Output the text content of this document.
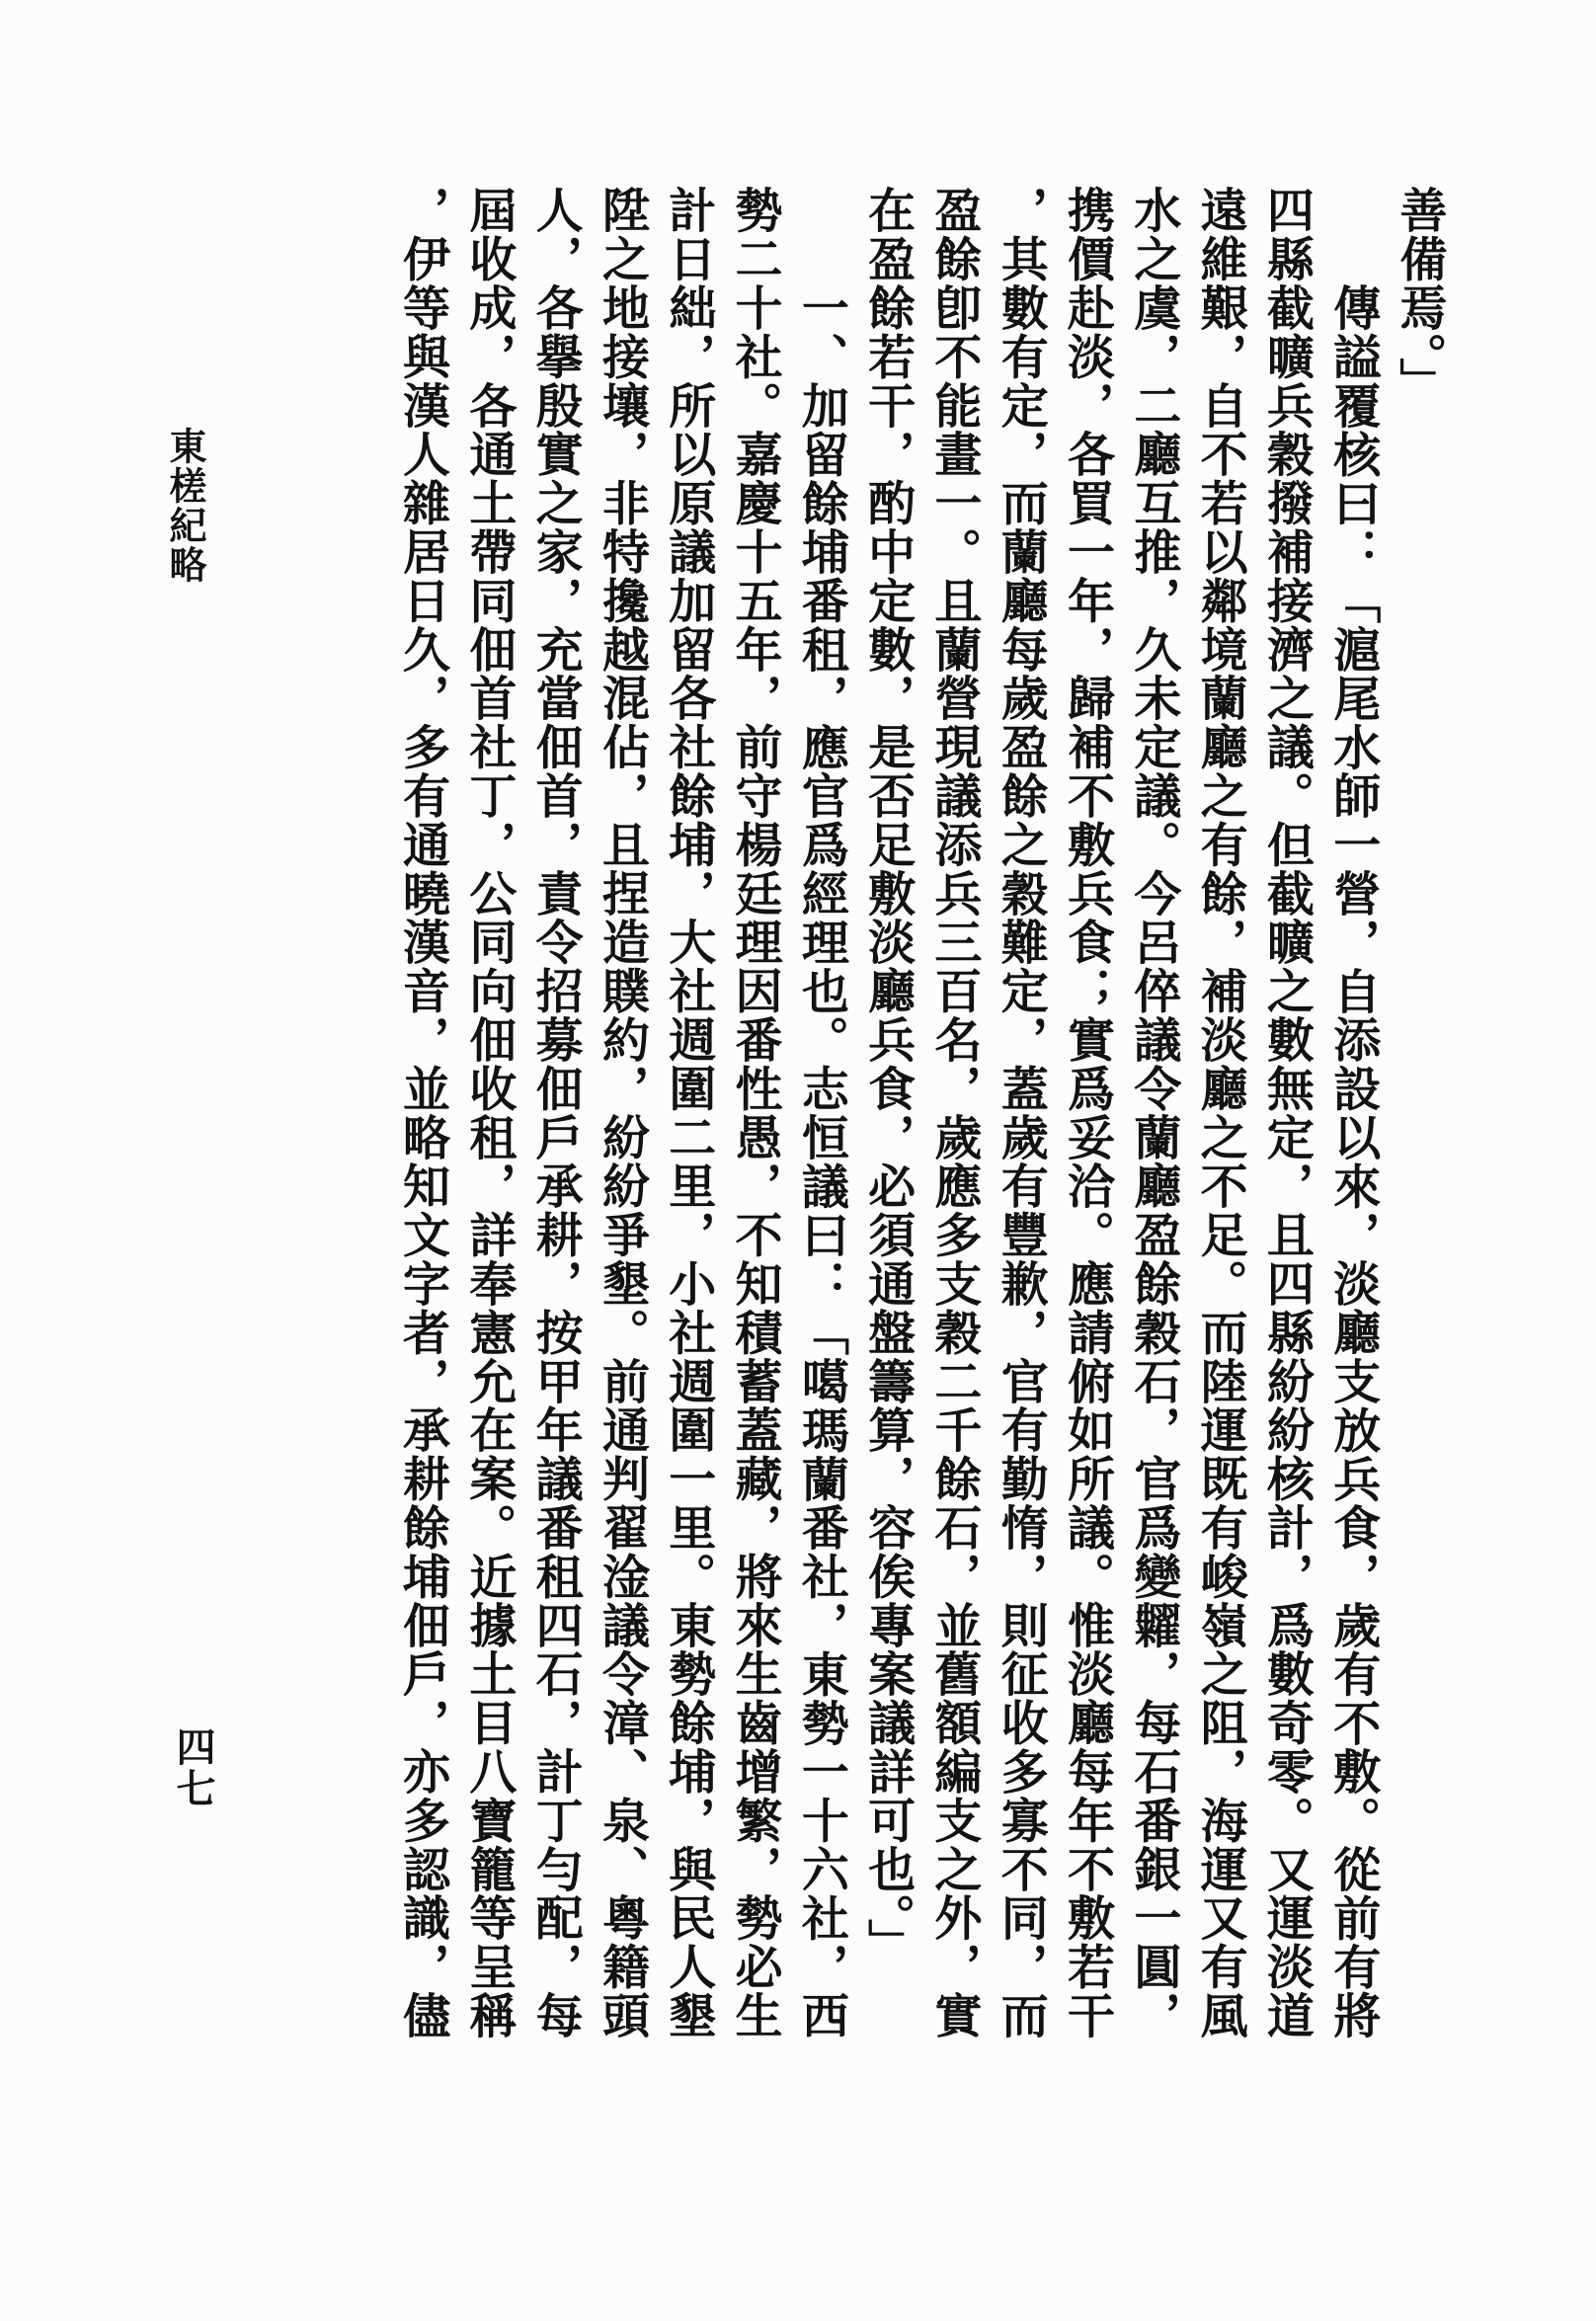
善備焉。」
傳謚覆核曰：「滬尾水師一營，自添設以來，淡廳支放兵食，歲有不敷。從前有將
四縣截曠兵穀撥補接濟之議。但截曠之數無定，且四縣紛紛核計，爲數奇零。又運淡道
遠維艱，自不若以鄰境蘭廳之有餘，補淡廳之不足。而陸運既有峻嶺之阻，海運又有風
水之虞，二廳互推，久未定議。今呂倅議令蘭廳盈餘穀石，官爲變糶，每石番銀一圓，
携價赴淡，各買一年，歸補不敷兵食；實爲妥洽。應請俯如所議。惟淡廳每年不敷若干
，其數有定，而蘭廳每歲盈餘之穀難定，蓋歲有豐歉，官有勤惰，則征收多寡不同，而
盈餘卽不能畫一。且蘭營現議添兵三百名，歲應多支穀二千餘石，並舊額編支之外，實
在盈餘若干，酌中定數，是否足敷淡廳兵食，必須通盤籌算，容俟專案議詳可也。」
一、加留餘埔番租，應官爲經理也。志恒議曰：「噶瑪蘭番社，東勢一十六社，西
勢二十社。嘉慶十五年，前守楊廷理因番性愚，不知積蓄蓋藏，將來生齒增繁，勢必生
計日絀，所以原議加留各社餘埔，大社週圍二里，小社週圍一里。東勢餘埔，與民人墾
陞之地接壤，非特攙越混佔，且捏造贌約，紛紛爭墾。前通判翟淦議令漳、泉、粵籍頭
人，各擧殷實之家，充當佃首，責令招募佃戶承耕，按甲年議番租四石，計丁勻配，每
屆收成，各通土帶同佃首社丁，公同向佃收租，詳奉憲允在案。近據土目八寶籠等呈稱
，伊等與漢人雜居日久，多有通曉漢音，並略知文字者，承耕餘埔佃戶，亦多認識，儘
東槎紀略
四七
